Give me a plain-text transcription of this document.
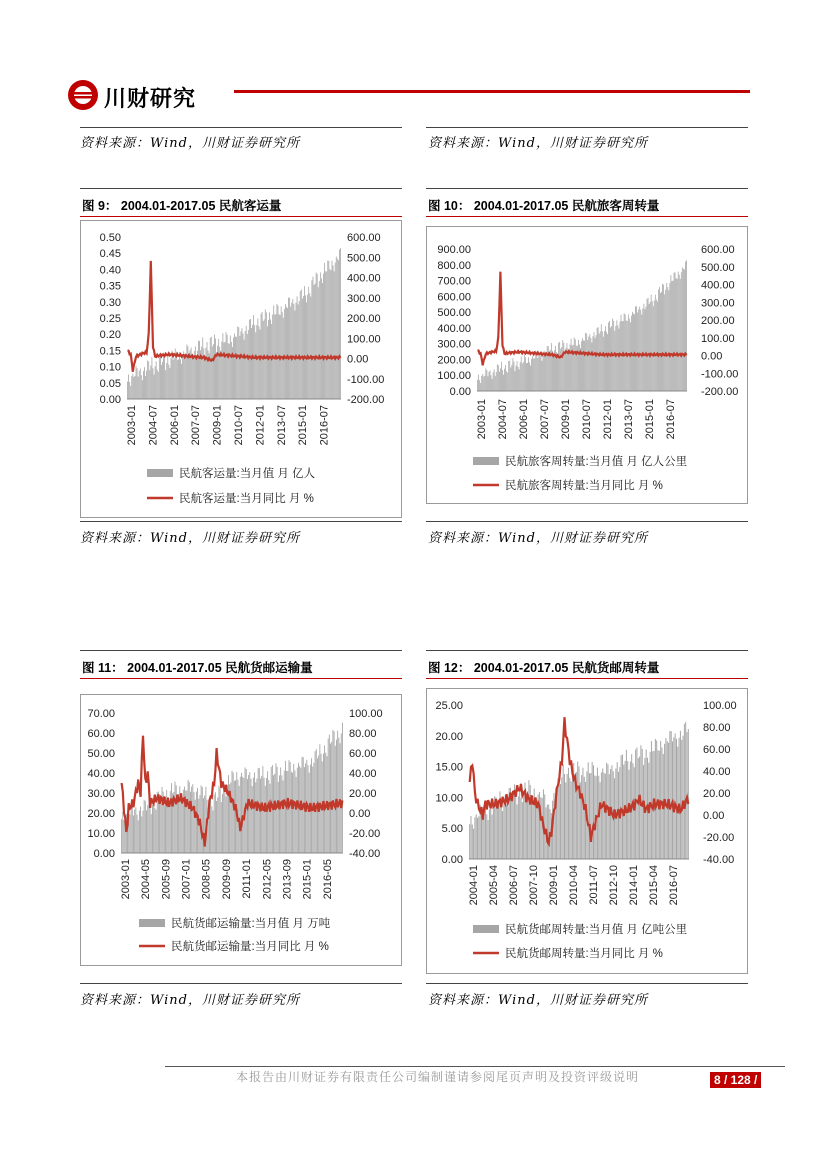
川财研究
资料来源：Wind，川财证券研究所	资料来源：Wind，川财证券研究所
图 9： 2004.01-2017.05 民航客运量
0.50
0.45
0.40
0.35
0.30
0.25
0.20
0.15
0.10
0.05
0.00
600.00
500.00
400.00
300.00
200.00
100.00
0.00
-100.00
-200.00
2003-01 2004-07 2006-01 2007-07 2009-01 2010-07 2012-01 2013-07 2015-01 2016-07
民航客运量:当月值 月 亿人
民航客运量:当月同比 月 %
资料来源：Wind，川财证券研究所
图 10： 2004.01-2017.05 民航旅客周转量
900.00
800.00
700.00
600.00
500.00
400.00
300.00
200.00
100.00
0.00
600.00
500.00
400.00
300.00
200.00
100.00
0.00
-100.00
-200.00
2003-01 2004-07 2006-01 2007-07 2009-01 2010-07 2012-01 2013-07 2015-01 2016-07
民航旅客周转量:当月值 月 亿人公里
民航旅客周转量:当月同比 月 %
资料来源：Wind，川财证券研究所
图 11： 2004.01-2017.05 民航货邮运输量
70.00
60.00
50.00
40.00
30.00
20.00
10.00
0.00
100.00
80.00
60.00
40.00
20.00
0.00
-20.00
-40.00
2003-01 2004-05 2005-09 2007-01 2008-05 2009-09 2011-01 2012-05 2013-09 2015-01 2016-05
民航货邮运输量:当月值 月 万吨
民航货邮运输量:当月同比 月 %
资料来源：Wind，川财证券研究所
图 12： 2004.01-2017.05 民航货邮周转量
25.00
20.00
15.00
10.00
5.00
0.00
100.00
80.00
60.00
40.00
20.00
0.00
-20.00
-40.00
2004-01 2005-04 2006-07 2007-10 2009-01 2010-04 2011-07 2012-10 2014-01 2015-04 2016-07
民航货邮周转量:当月值 月 亿吨公里
民航货邮周转量:当月同比 月 %
资料来源：Wind，川财证券研究所
本报告由川财证券有限责任公司编制谨请参阅尾页声明及投资评级说明	8 / 128 /
